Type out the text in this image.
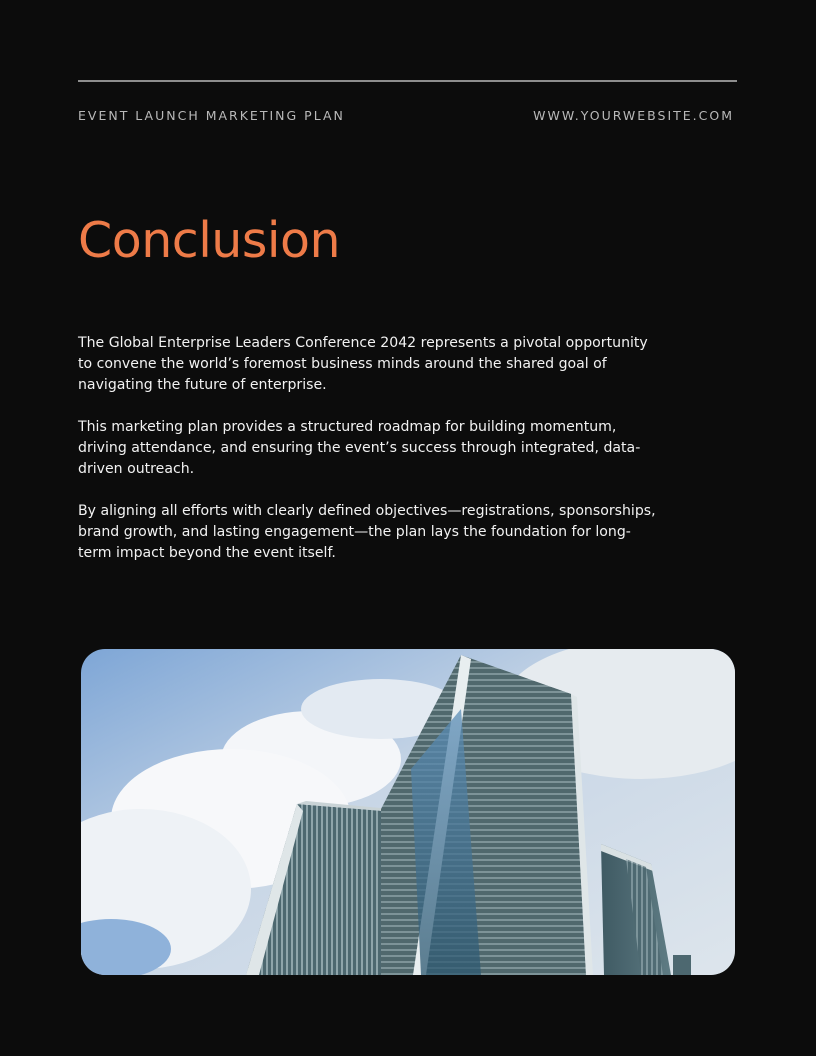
EVENT LAUNCH MARKETING PLAN	WWW.YOURWEBSITE.COM
Conclusion

The Global Enterprise Leaders Conference 2042 represents a pivotal opportunity to convene the world’s foremost business minds around the shared goal of navigating the future of enterprise.

This marketing plan provides a structured roadmap for building momentum, driving attendance, and ensuring the event’s success through integrated, data-driven outreach.

By aligning all efforts with clearly defined objectives—registrations, sponsorships, brand growth, and lasting engagement—the plan lays the foundation for long-term impact beyond the event itself.
